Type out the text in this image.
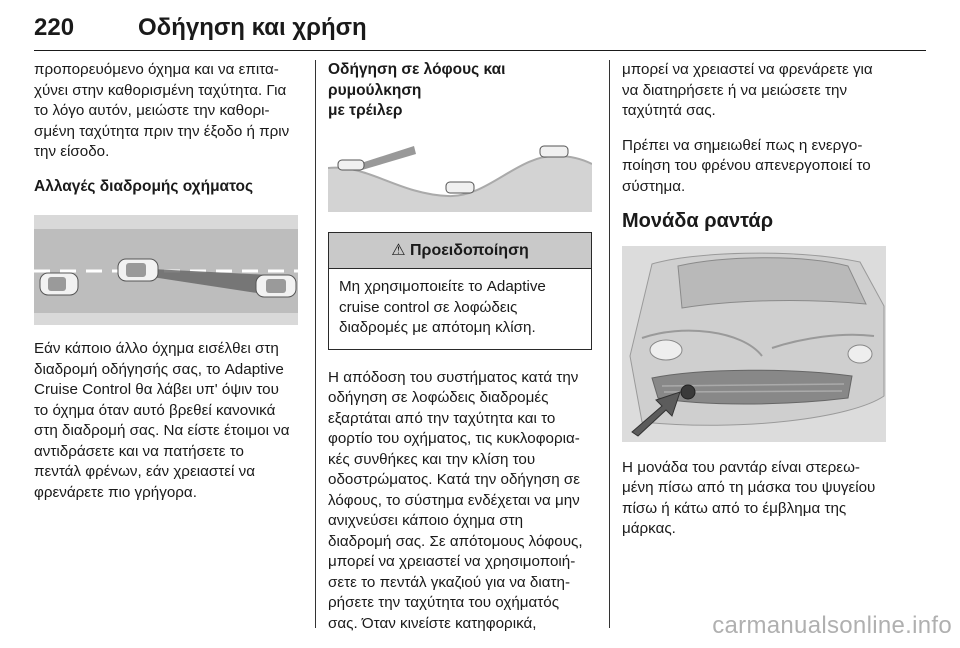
220	Οδήγηση και χρήση

προπορευόμενο όχημα και να επιτα-
χύνει στην καθορισμένη ταχύτητα. Για
το λόγο αυτόν, μειώστε την καθορι-
σμένη ταχύτητα πριν την έξοδο ή πριν
την είσοδο.

Αλλαγές διαδρομής οχήματος

Εάν κάποιο άλλο όχημα εισέλθει στη
διαδρομή οδήγησής σας, το Adaptive
Cruise Control θα λάβει υπ' όψιν του
το όχημα όταν αυτό βρεθεί κανονικά
στη διαδρομή σας. Να είστε έτοιμοι να
αντιδράσετε και να πατήσετε το
πεντάλ φρένων, εάν χρειαστεί να
φρενάρετε πιο γρήγορα.

Οδήγηση σε λόφους και ρυμούλκηση
με τρέιλερ
⚠ Προειδοποίηση
Μη χρησιμοποιείτε το Adaptive
cruise control σε λοφώδεις
διαδρομές με απότομη κλίση.

Η απόδοση του συστήματος κατά την
οδήγηση σε λοφώδεις διαδρομές
εξαρτάται από την ταχύτητα και το
φορτίο του οχήματος, τις κυκλοφορια-
κές συνθήκες και την κλίση του
οδοστρώματος. Κατά την οδήγηση σε
λόφους, το σύστημα ενδέχεται να μην
ανιχνεύσει κάποιο όχημα στη
διαδρομή σας. Σε απότομους λόφους,
μπορεί να χρειαστεί να χρησιμοποιή-
σετε το πεντάλ γκαζιού για να διατη-
ρήσετε την ταχύτητα του οχήματός
σας. Όταν κινείστε κατηφορικά,

μπορεί να χρειαστεί να φρενάρετε για
να διατηρήσετε ή να μειώσετε την
ταχύτητά σας.

Πρέπει να σημειωθεί πως η ενεργο-
ποίηση του φρένου απενεργοποιεί το
σύστημα.

Μονάδα ραντάρ

Η μονάδα του ραντάρ είναι στερεω-
μένη πίσω από τη μάσκα του ψυγείου
πίσω ή κάτω από το έμβλημα της
μάρκας.

carmanualsonline.info
